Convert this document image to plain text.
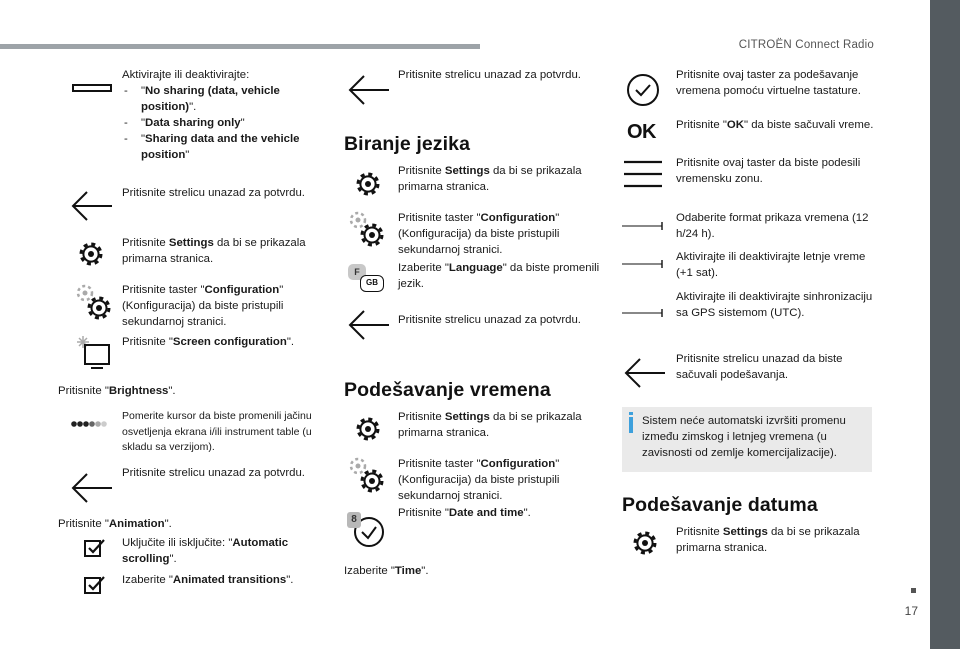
CITROËN Connect Radio
17
Aktivirajte ili deaktivirajte:
- "No sharing (data, vehicle position)".
- "Data sharing only"
- "Sharing data and the vehicle position"
Pritisnite strelicu unazad za potvrdu.
Pritisnite Settings da bi se prikazala primarna stranica.
Pritisnite taster "Configuration" (Konfiguracija) da biste pristupili sekundarnoj stranici.
Pritisnite "Screen configuration".
Pritisnite "Brightness".
Pomerite kursor da biste promenili jačinu osvetljenja ekrana i/ili instrument table (u skladu sa verzijom).
Pritisnite strelicu unazad za potvrdu.
Pritisnite "Animation".
Uključite ili isključite: "Automatic scrolling".
Izaberite "Animated transitions".
Pritisnite strelicu unazad za potvrdu.
Biranje jezika
Pritisnite Settings da bi se prikazala primarna stranica.
Pritisnite taster "Configuration" (Konfiguracija) da biste pristupili sekundarnoj stranici.
F
GB
Izaberite "Language" da biste promenili jezik.
Pritisnite strelicu unazad za potvrdu.
Podešavanje vremena
Pritisnite Settings da bi se prikazala primarna stranica.
Pritisnite taster "Configuration" (Konfiguracija) da biste pristupili sekundarnoj stranici.
8
Pritisnite "Date and time".
Izaberite "Time".
Pritisnite ovaj taster za podešavanje vremena pomoću virtuelne tastature.
OK Pritisnite "OK" da biste sačuvali vreme.
Pritisnite ovaj taster da biste podesili vremensku zonu.
Odaberite format prikaza vremena (12 h/24 h).
Aktivirajte ili deaktivirajte letnje vreme (+1 sat).
Aktivirajte ili deaktivirajte sinhronizaciju sa GPS sistemom (UTC).
Pritisnite strelicu unazad da biste sačuvali podešavanja.
Sistem neće automatski izvršiti promenu između zimskog i letnjeg vremena (u zavisnosti od zemlje komercijalizacije).
Podešavanje datuma
Pritisnite Settings da bi se prikazala primarna stranica.
